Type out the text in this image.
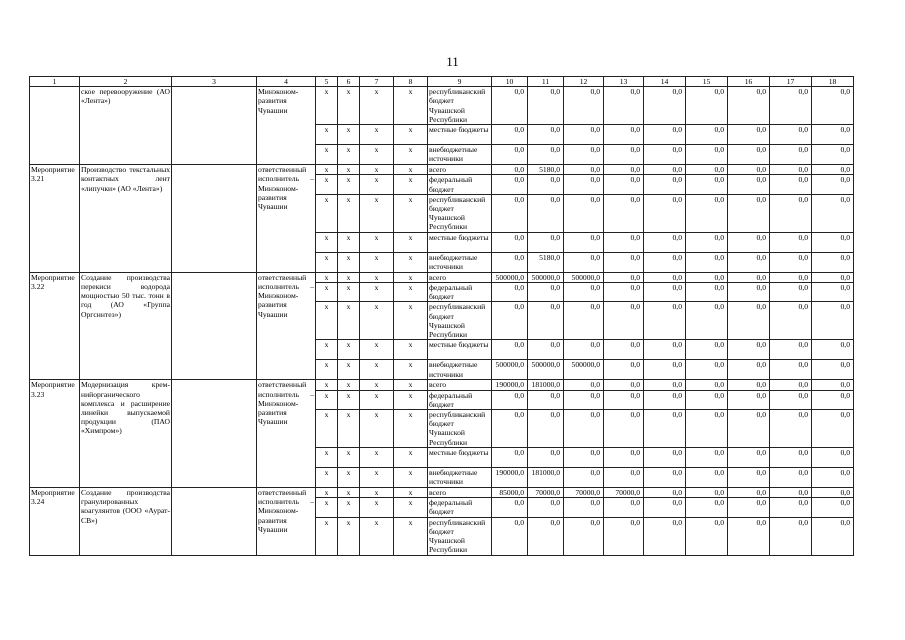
11
1	2	3	4	5	6	7	8	9	10	11	12	13	14	15	16	17	18
	ское перевооружение (АО «Лента»)		Минэкономразвития Чувашии	x	x	x	x	республиканский бюджет Чувашской Республики	0,0	0,0	0,0	0,0	0,0	0,0	0,0	0,0	0,0
				x	x	x	x	местные бюджеты	0,0	0,0	0,0	0,0	0,0	0,0	0,0	0,0	0,0
				x	x	x	x	внебюджетные источники	0,0	0,0	0,0	0,0	0,0	0,0	0,0	0,0	0,0
Мероприятие 3.21	Производство текстальных контактных лент «липучки» (АО «Лента»)		ответственный исполнитель – Минэкономразвития Чувашии	x	x	x	x	всего	0,0	5180,0	0,0	0,0	0,0	0,0	0,0	0,0	0,0
				x	x	x	x	федеральный бюджет	0,0	0,0	0,0	0,0	0,0	0,0	0,0	0,0	0,0
				x	x	x	x	республиканский бюджет Чувашской Республики	0,0	0,0	0,0	0,0	0,0	0,0	0,0	0,0	0,0
				x	x	x	x	местные бюджеты	0,0	0,0	0,0	0,0	0,0	0,0	0,0	0,0	0,0
				x	x	x	x	внебюджетные источники	0,0	5180,0	0,0	0,0	0,0	0,0	0,0	0,0	0,0
Мероприятие 3.22	Создание производства перекиси водорода мощностью 50 тыс. тонн в год (АО «Группа Оргсинтез»)		ответственный исполнитель – Минэкономразвития Чувашии	x	x	x	x	всего	500000,0	500000,0	500000,0	0,0	0,0	0,0	0,0	0,0	0,0
				x	x	x	x	федеральный бюджет	0,0	0,0	0,0	0,0	0,0	0,0	0,0	0,0	0,0
				x	x	x	x	республиканский бюджет Чувашской Республики	0,0	0,0	0,0	0,0	0,0	0,0	0,0	0,0	0,0
				x	x	x	x	местные бюджеты	0,0	0,0	0,0	0,0	0,0	0,0	0,0	0,0	0,0
				x	x	x	x	внебюджетные источники	500000,0	500000,0	500000,0	0,0	0,0	0,0	0,0	0,0	0,0
Мероприятие 3.23	Модернизация кремнийорганического комплекса и расширение линейки выпускаемой продукции (ПАО «Химпром»)		ответственный исполнитель – Минэкономразвития Чувашии	x	x	x	x	всего	190000,0	181000,0	0,0	0,0	0,0	0,0	0,0	0,0	0,0
				x	x	x	x	федеральный бюджет	0,0	0,0	0,0	0,0	0,0	0,0	0,0	0,0	0,0
				x	x	x	x	республиканский бюджет Чувашской Республики	0,0	0,0	0,0	0,0	0,0	0,0	0,0	0,0	0,0
				x	x	x	x	местные бюджеты	0,0	0,0	0,0	0,0	0,0	0,0	0,0	0,0	0,0
				x	x	x	x	внебюджетные источники	190000,0	181000,0	0,0	0,0	0,0	0,0	0,0	0,0	0,0
Мероприятие 3.24	Создание производства гранулированных коагулянтов (ООО «Аурат-СВ»)		ответственный исполнитель – Минэкономразвития Чувашии	x	x	x	x	всего	85000,0	70000,0	70000,0	70000,0	0,0	0,0	0,0	0,0	0,0
				x	x	x	x	федеральный бюджет	0,0	0,0	0,0	0,0	0,0	0,0	0,0	0,0	0,0
				x	x	x	x	республиканский бюджет Чувашской Республики	0,0	0,0	0,0	0,0	0,0	0,0	0,0	0,0	0,0
